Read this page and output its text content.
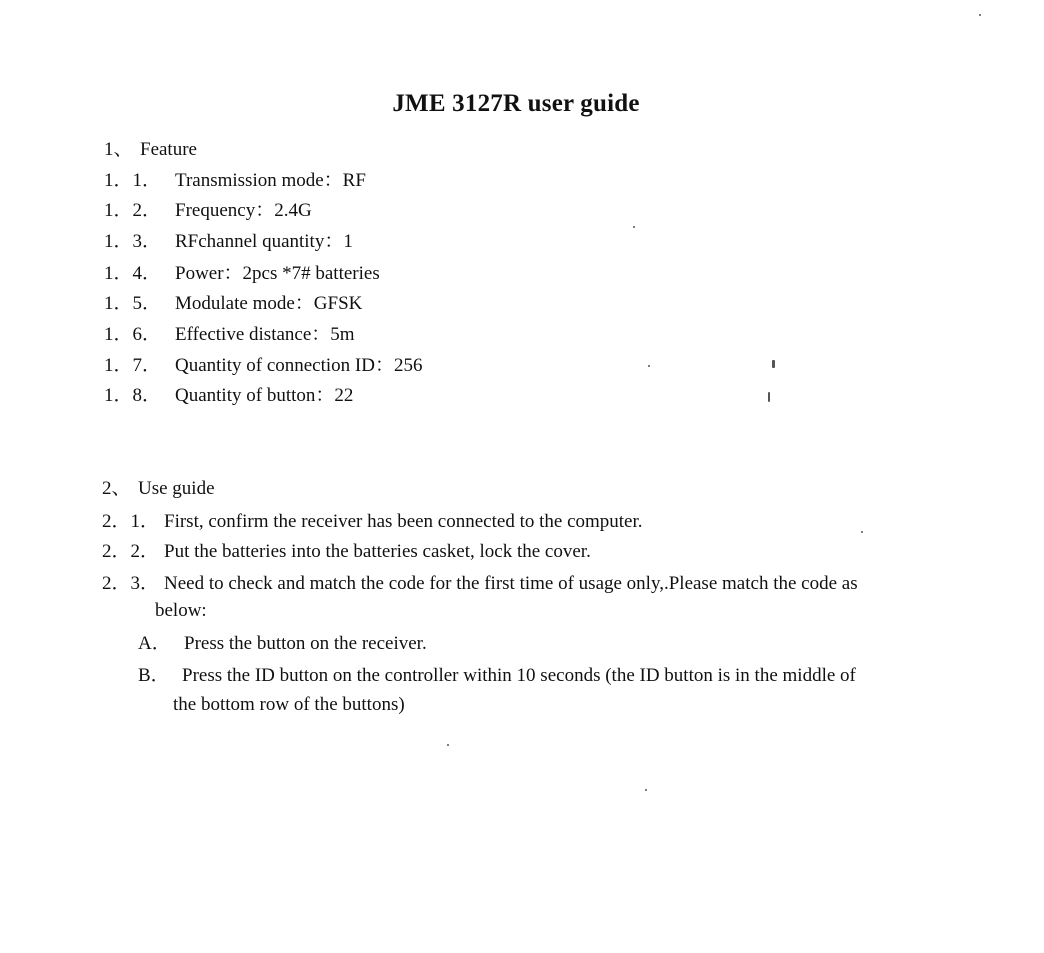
JME 3127R user guide
1、 Feature
1．1． Transmission mode：RF
1．2． Frequency：2.4G
1．3． RFchannel quantity：1
1．4． Power：2pcs *7# batteries
1．5． Modulate mode：GFSK
1．6． Effective distance：5m
1．7． Quantity of connection ID：256
1．8． Quantity of button：22
2、 Use guide
2．1． First, confirm the receiver has been connected to the computer.
2．2． Put the batteries into the batteries casket, lock the cover.
2．3． Need to check and match the code for the first time of usage only,.Please match the code as
below:
A． Press the button on the receiver.
B． Press the ID button on the controller within 10 seconds (the ID button is in the middle of
the bottom row of the buttons)
